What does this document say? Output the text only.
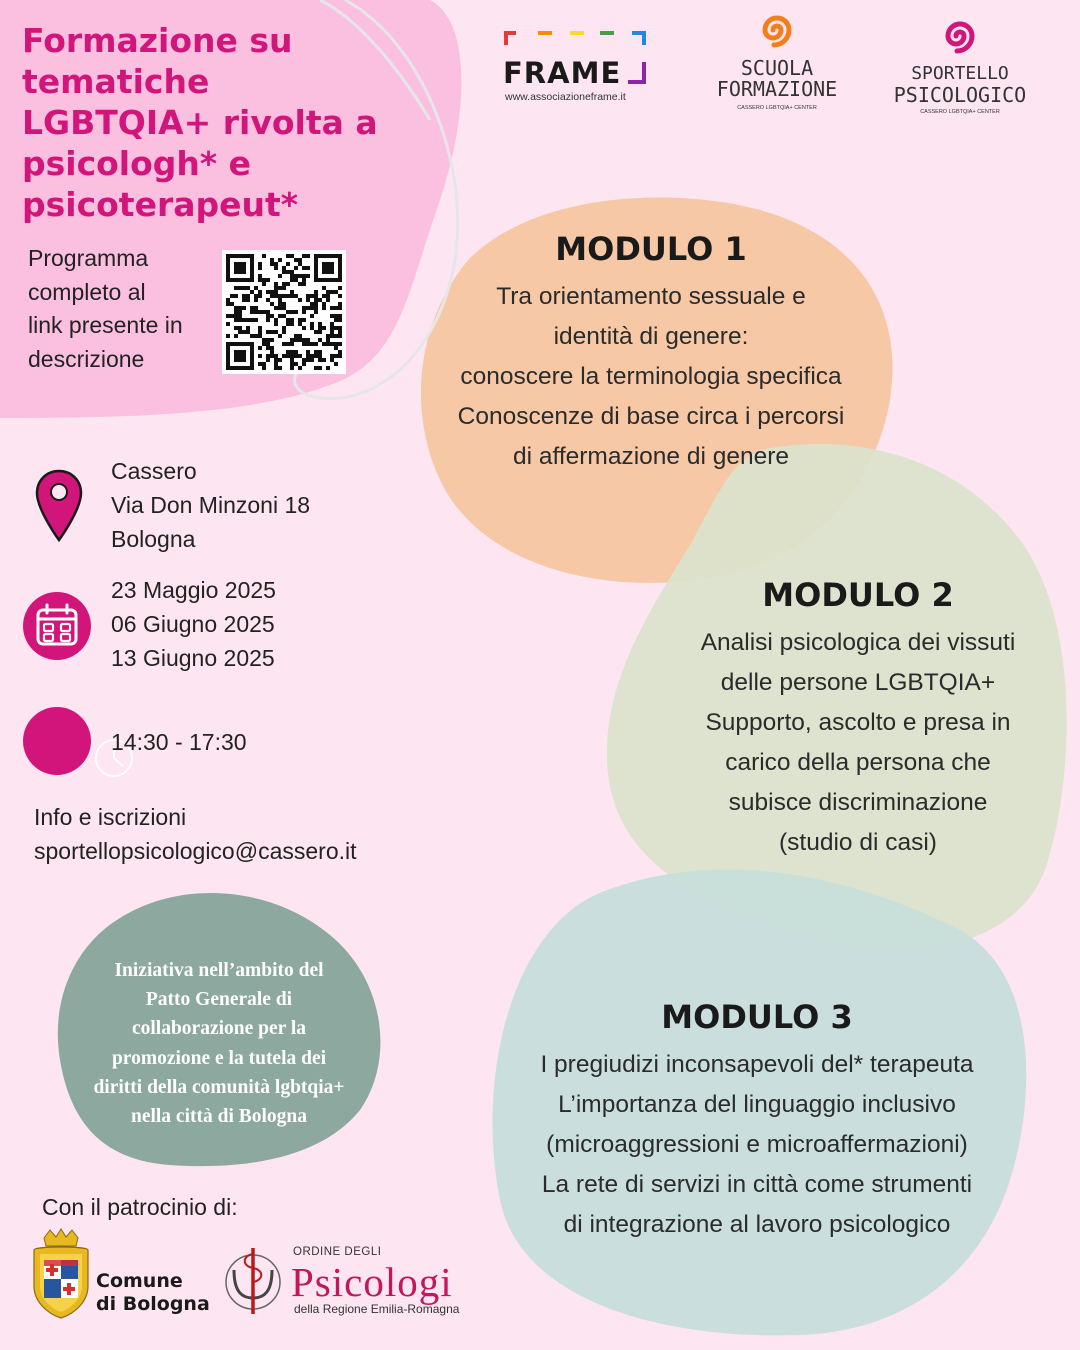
Formazione su
tematiche
LGBTQIA+ rivolta a
psicologh* e
psicoterapeut*
Programma
completo al
link presente in
descrizione
FRAME
www.associazioneframe.it
SCUOLA
FORMAZIONE
CASSERO LGBTQIA+ CENTER
SPORTELLO
PSICOLOGICO
CASSERO LGBTQIA+ CENTER
Cassero
Via Don Minzoni 18
Bologna
23 Maggio 2025
06 Giugno 2025
13 Giugno 2025
14:30 - 17:30
Info e iscrizioni
sportellopsicologico@cassero.it
MODULO 1
Tra orientamento sessuale e
identità di genere:
conoscere la terminologia specifica
Conoscenze di base circa i percorsi
di affermazione di genere
MODULO 2
Analisi psicologica dei vissuti
delle persone LGBTQIA+
Supporto, ascolto e presa in
carico della persona che
subisce discriminazione
(studio di casi)
MODULO 3
I pregiudizi inconsapevoli del* terapeuta
L’importanza del linguaggio inclusivo
(microaggressioni e microaffermazioni)
La rete di servizi in città come strumenti
di integrazione al lavoro psicologico
Iniziativa nell’ambito del
Patto Generale di
collaborazione per la
promozione e la tutela dei
diritti della comunità lgbtqia+
nella città di Bologna
Con il patrocinio di:
Comune
di Bologna
ORDINE DEGLI
Psicologi
della Regione Emilia-Romagna
